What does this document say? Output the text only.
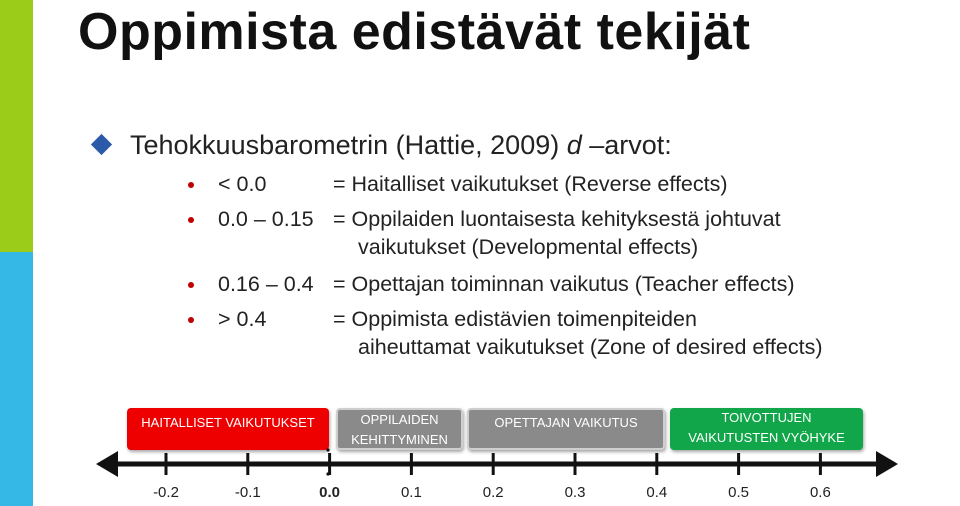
Oppimista edistävät tekijät
Tehokkuusbarometrin (Hattie, 2009) d –arvot:
< 0.0	= Haitalliset vaikutukset (Reverse effects)
0.0 – 0.15 = Oppilaiden luontaisesta kehityksestä johtuvat
vaikutukset (Developmental effects)
0.16 – 0.4 = Opettajan toiminnan vaikutus (Teacher effects)
> 0.4	= Oppimista edistävien toimenpiteiden
aiheuttamat vaikutukset (Zone of desired effects)
HAITALLISET VAIKUTUKSET	OPPILAIDEN
KEHITTYMINEN
OPETTAJAN VAIKUTUS	TOIVOTTUJEN
VAIKUTUSTEN VYÖHYKE
-0.2	-0.1	0.0	0.1	0.2	0.3	0.4	0.5	0.6
